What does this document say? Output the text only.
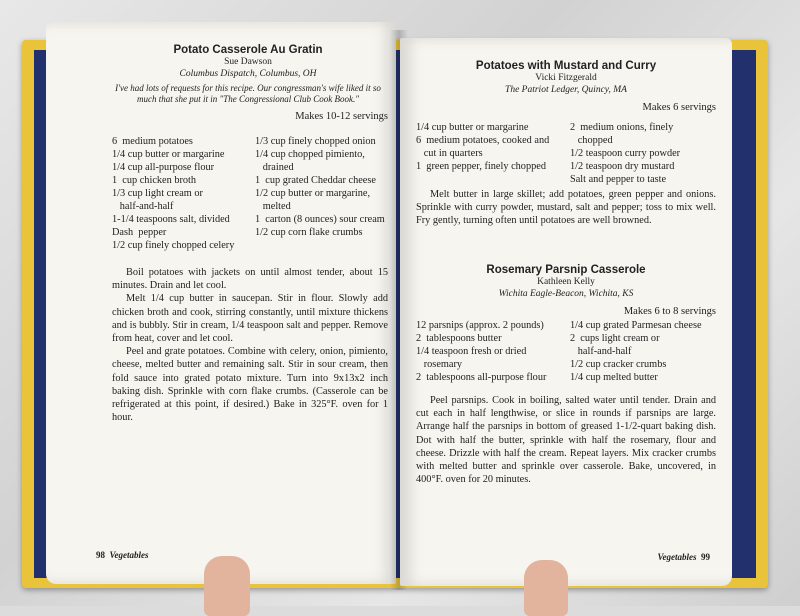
Potato Casserole Au Gratin

Sue Dawson
Columbus Dispatch, Columbus, OH
I've had lots of requests for this recipe. Our congressman's wife liked it so much that she put it in "The Congressional Club Cook Book."
Makes 10-12 servings
6  medium potatoes
1/4 cup butter or margarine
1/4 cup all-purpose flour
1  cup chicken broth
1/3 cup light cream or
half-and-half
1-1/4 teaspoons salt, divided
Dash  pepper
1/2 cup finely chopped celery
1/3 cup finely chopped onion
1/4 cup chopped pimiento,
drained
1  cup grated Cheddar cheese
1/2 cup butter or margarine,
melted
1  carton (8 ounces) sour cream
1/2 cup corn flake crumbs

Boil potatoes with jackets on until almost tender, about 15 minutes. Drain and let cool.

Melt 1/4 cup butter in saucepan. Stir in flour. Slowly add chicken broth and cook, stirring constantly, until mixture thickens and is bubbly. Stir in cream, 1/4 teaspoon salt and pepper. Remove from heat, cover and let cool.

Peel and grate potatoes. Combine with celery, onion, pimiento, cheese, melted butter and remaining salt. Stir in sour cream, then fold sauce into grated potato mixture. Turn into 9x13x2 inch baking dish. Sprinkle with corn flake crumbs. (Casserole can be refrigerated at this point, if desired.) Bake in 325°F. oven for 1 hour.

98 Vegetables

Potatoes with Mustard and Curry

Vicki Fitzgerald
The Patriot Ledger, Quincy, MA
Makes 6 servings
1/4 cup butter or margarine
6  medium potatoes, cooked and
cut in quarters
1  green pepper, finely chopped
2  medium onions, finely
chopped
1/2 teaspoon curry powder
1/2 teaspoon dry mustard
Salt and pepper to taste

Melt butter in large skillet; add potatoes, green pepper and onions. Sprinkle with curry powder, mustard, salt and pepper; toss to mix well. Fry gently, turning often until potatoes are well browned.

Rosemary Parsnip Casserole

Kathleen Kelly
Wichita Eagle-Beacon, Wichita, KS
Makes 6 to 8 servings
12 parsnips (approx. 2 pounds)
2  tablespoons butter
1/4 teaspoon fresh or dried
rosemary
2  tablespoons all-purpose flour
1/4 cup grated Parmesan cheese
2  cups light cream or
half-and-half
1/2 cup cracker crumbs
1/4 cup melted butter

Peel parsnips. Cook in boiling, salted water until tender. Drain and cut each in half lengthwise, or slice in rounds if parsnips are large. Arrange half the parsnips in bottom of greased 1-1/2-quart baking dish. Dot with half the butter, sprinkle with half the rosemary, flour and cheese. Drizzle with half the cream. Repeat layers. Mix cracker crumbs with melted butter and sprinkle over casserole. Bake, uncovered, in 400°F. oven for 20 minutes.

Vegetables 99
